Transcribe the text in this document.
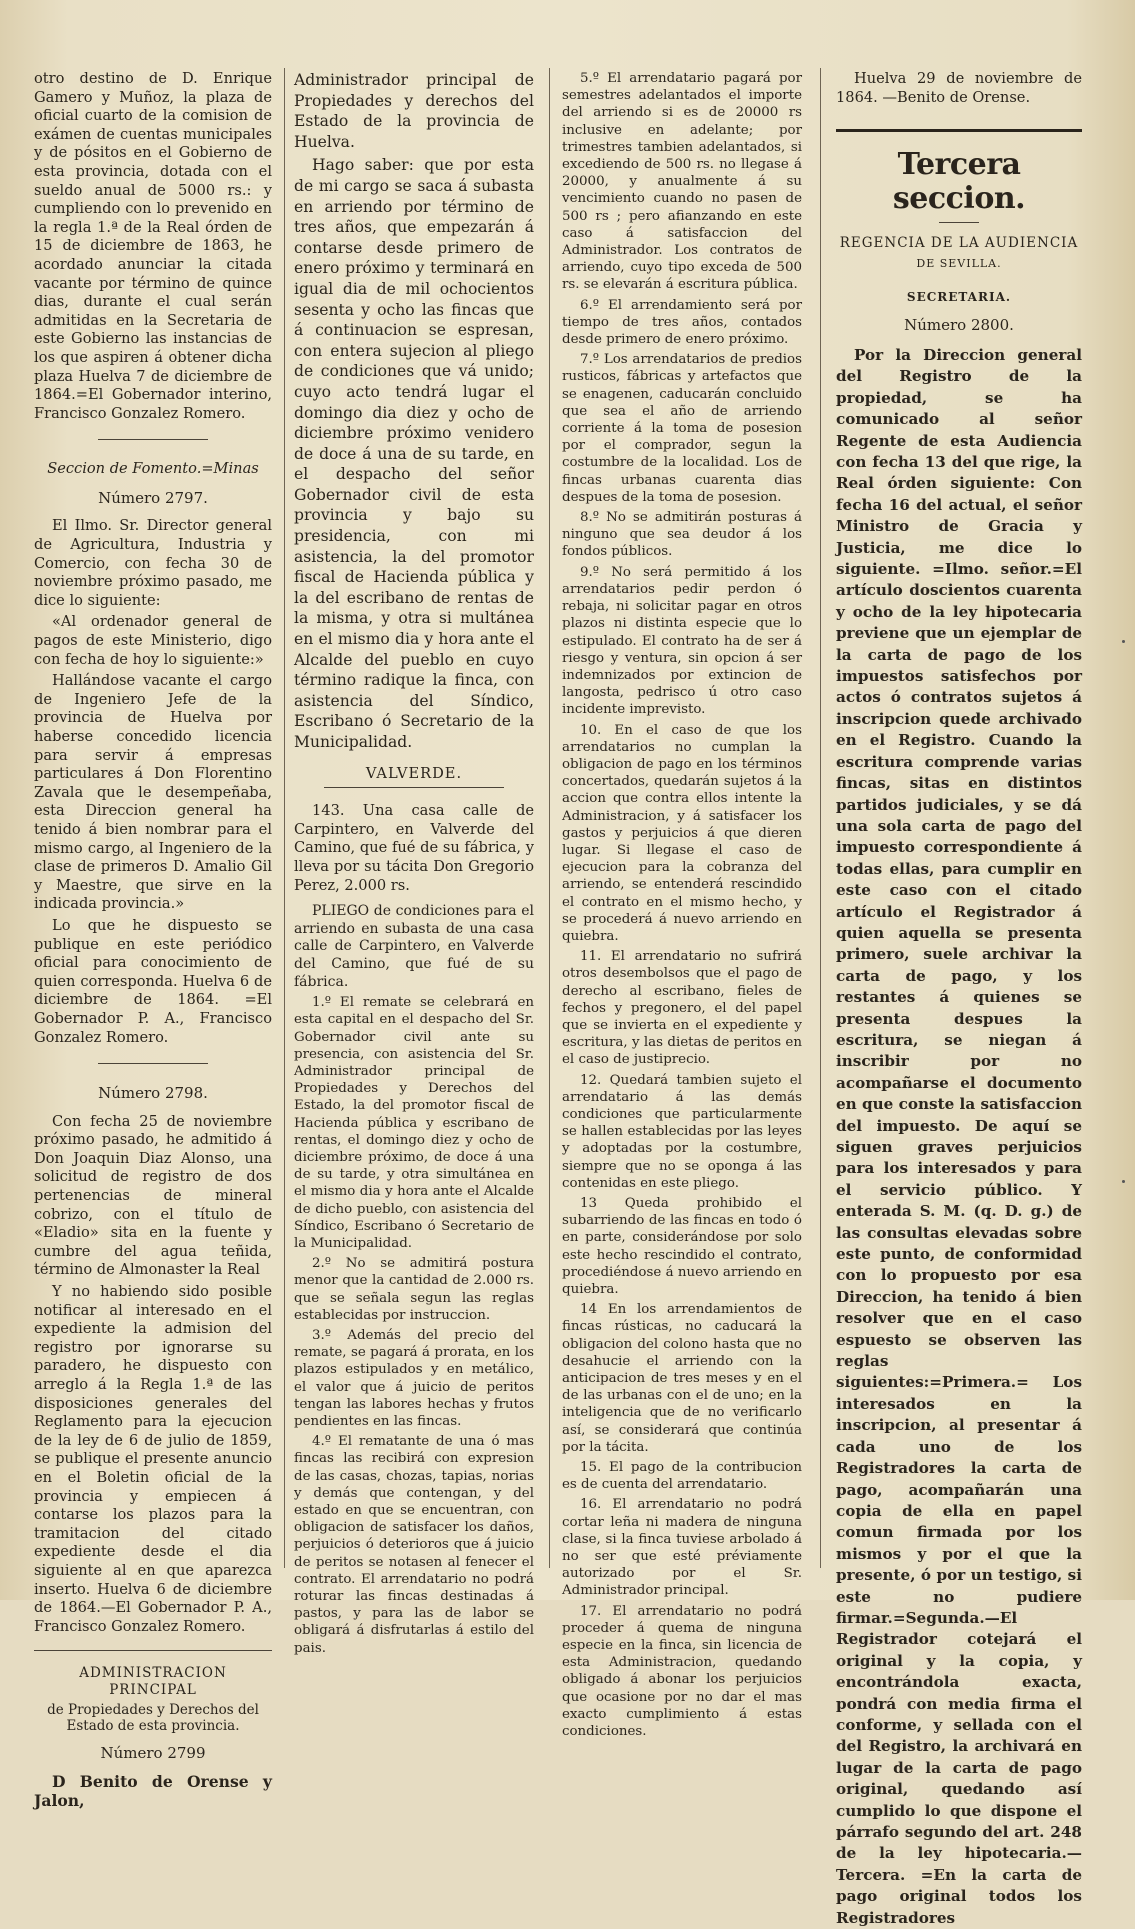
otro destino de D. Enrique Gamero y Muñoz, la plaza de oficial cuarto de la comision de exámen de cuentas municipales y de pósitos en el Gobierno de esta provincia, dotada con el sueldo anual de 5000 rs.: y cumpliendo con lo prevenido en la regla 1.ª de la Real órden de 15 de diciembre de 1863, he acordado anunciar la citada vacante por término de quince dias, durante el cual serán admitidas en la Secretaria de este Gobierno las instancias de los que aspiren á obtener dicha plaza Huelva 7 de diciembre de 1864.=El Gobernador interino, Francisco Gonzalez Romero.

Seccion de Fomento.=Minas

Número 2797.

El Ilmo. Sr. Director general de Agricultura, Industria y Comercio, con fecha 30 de noviembre próximo pasado, me dice lo siguiente:

«Al ordenador general de pagos de este Ministerio, digo con fecha de hoy lo siguiente:»

Hallándose vacante el cargo de Ingeniero Jefe de la provincia de Huelva por haberse concedido licencia para servir á empresas particulares á Don Florentino Zavala que le desempeñaba, esta Direccion general ha tenido á bien nombrar para el mismo cargo, al Ingeniero de la clase de primeros D. Amalio Gil y Maestre, que sirve en la indicada provincia.»

Lo que he dispuesto se publique en este periódico oficial para conocimiento de quien corresponda. Huelva 6 de diciembre de 1864. =El Gobernador P. A., Francisco Gonzalez Romero.

Número 2798.

Con fecha 25 de noviembre próximo pasado, he admitido á Don Joaquin Diaz Alonso, una solicitud de registro de dos pertenencias de mineral cobrizo, con el título de «Eladio» sita en la fuente y cumbre del agua teñida, término de Almonaster la Real

Y no habiendo sido posible notificar al interesado en el expediente la admision del registro por ignorarse su paradero, he dispuesto con arreglo á la Regla 1.ª de las disposiciones generales del Reglamento para la ejecucion de la ley de 6 de julio de 1859, se publique el presente anuncio en el Boletin oficial de la provincia y empiecen á contarse los plazos para la tramitacion del citado expediente desde el dia siguiente al en que aparezca inserto. Huelva 6 de diciembre de 1864.—El Gobernador P. A., Francisco Gonzalez Romero.

ADMINISTRACION PRINCIPAL

de Propiedades y Derechos del Estado de esta provincia.

Número 2799

D Benito de Orense y Jalon,

Administrador principal de Propiedades y derechos del Estado de la provincia de Huelva.

Hago saber: que por esta de mi cargo se saca á subasta en arriendo por término de tres años, que empezarán á contarse desde primero de enero próximo y terminará en igual dia de mil ochocientos sesenta y ocho las fincas que á continuacion se espresan, con entera sujecion al pliego de condiciones que vá unido; cuyo acto tendrá lugar el domingo dia diez y ocho de diciembre próximo venidero de doce á una de su tarde, en el despacho del señor Gobernador civil de esta provincia y bajo su presidencia, con mi asistencia, la del promotor fiscal de Hacienda pública y la del escribano de rentas de la misma, y otra si multánea en el mismo dia y hora ante el Alcalde del pueblo en cuyo término radique la finca, con asistencia del Síndico, Escribano ó Secretario de la Municipalidad.

VALVERDE.

143. Una casa calle de Carpintero, en Valverde del Camino, que fué de su fábrica, y lleva por su tácita Don Gregorio Perez, 2.000 rs.

PLIEGO de condiciones para el arriendo en subasta de una casa calle de Carpintero, en Valverde del Camino, que fué de su fábrica.

1.º El remate se celebrará en esta capital en el despacho del Sr. Gobernador civil ante su presencia, con asistencia del Sr. Administrador principal de Propiedades y Derechos del Estado, la del promotor fiscal de Hacienda pública y escribano de rentas, el domingo diez y ocho de diciembre próximo, de doce á una de su tarde, y otra simultánea en el mismo dia y hora ante el Alcalde de dicho pueblo, con asistencia del Síndico, Escribano ó Secretario de la Municipalidad.

2.º No se admitirá postura menor que la cantidad de 2.000 rs. que se señala segun las reglas establecidas por instruccion.

3.º Además del precio del remate, se pagará á prorata, en los plazos estipulados y en metálico, el valor que á juicio de peritos tengan las labores hechas y frutos pendientes en las fincas.

4.º El rematante de una ó mas fincas las recibirá con expresion de las casas, chozas, tapias, norias y demás que contengan, y del estado en que se encuentran, con obligacion de satisfacer los daños, perjuicios ó deterioros que á juicio de peritos se notasen al fenecer el contrato. El arrendatario no podrá roturar las fincas destinadas á pastos, y para las de labor se obligará á disfrutarlas á estilo del pais.

5.º El arrendatario pagará por semestres adelantados el importe del arriendo si es de 20000 rs inclusive en adelante; por trimestres tambien adelantados, si excediendo de 500 rs. no llegase á 20000, y anualmente á su vencimiento cuando no pasen de 500 rs ; pero afianzando en este caso á satisfaccion del Administrador. Los contratos de arriendo, cuyo tipo exceda de 500 rs. se elevarán á escritura pública.

6.º El arrendamiento será por tiempo de tres años, contados desde primero de enero próximo.

7.º Los arrendatarios de predios rusticos, fábricas y artefactos que se enagenen, caducarán concluido que sea el año de arriendo corriente á la toma de posesion por el comprador, segun la costumbre de la localidad. Los de fincas urbanas cuarenta dias despues de la toma de posesion.

8.º No se admitirán posturas á ninguno que sea deudor á los fondos públicos.

9.º No será permitido á los arrendatarios pedir perdon ó rebaja, ni solicitar pagar en otros plazos ni distinta especie que lo estipulado. El contrato ha de ser á riesgo y ventura, sin opcion á ser indemnizados por extincion de langosta, pedrisco ú otro caso incidente imprevisto.

10. En el caso de que los arrendatarios no cumplan la obligacion de pago en los términos concertados, quedarán sujetos á la accion que contra ellos intente la Administracion, y á satisfacer los gastos y perjuicios á que dieren lugar. Si llegase el caso de ejecucion para la cobranza del arriendo, se entenderá rescindido el contrato en el mismo hecho, y se procederá á nuevo arriendo en quiebra.

11. El arrendatario no sufrirá otros desembolsos que el pago de derecho al escribano, fieles de fechos y pregonero, el del papel que se invierta en el expediente y escritura, y las dietas de peritos en el caso de justiprecio.

12. Quedará tambien sujeto el arrendatario á las demás condiciones que particularmente se hallen establecidas por las leyes y adoptadas por la costumbre, siempre que no se oponga á las contenidas en este pliego.

13 Queda prohibido el subarriendo de las fincas en todo ó en parte, considerándose por solo este hecho rescindido el contrato, procediéndose á nuevo arriendo en quiebra.

14 En los arrendamientos de fincas rústicas, no caducará la obligacion del colono hasta que no desahucie el arriendo con la anticipacion de tres meses y en el de las urbanas con el de uno; en la inteligencia que de no verificarlo así, se considerará que continúa por la tácita.

15. El pago de la contribucion es de cuenta del arrendatario.

16. El arrendatario no podrá cortar leña ni madera de ninguna clase, si la finca tuviese arbolado á no ser que esté préviamente autorizado por el Sr. Administrador principal.

17. El arrendatario no podrá proceder á quema de ninguna especie en la finca, sin licencia de esta Administracion, quedando obligado á abonar los perjuicios que ocasione por no dar el mas exacto cumplimiento á estas condiciones.

Huelva 29 de noviembre de 1864. —Benito de Orense.

Tercera seccion.

REGENCIA DE LA AUDIENCIA

DE SEVILLA.

SECRETARIA.

Número 2800.

Por la Direccion general del Registro de la propiedad, se ha comunicado al señor Regente de esta Audiencia con fecha 13 del que rige, la Real órden siguiente: Con fecha 16 del actual, el señor Ministro de Gracia y Justicia, me dice lo siguiente. =Ilmo. señor.=El artículo doscientos cuarenta y ocho de la ley hipotecaria previene que un ejemplar de la carta de pago de los impuestos satisfechos por actos ó contratos sujetos á inscripcion quede archivado en el Registro. Cuando la escritura comprende varias fincas, sitas en distintos partidos judiciales, y se dá una sola carta de pago del impuesto correspondiente á todas ellas, para cumplir en este caso con el citado artículo el Registrador á quien aquella se presenta primero, suele archivar la carta de pago, y los restantes á quienes se presenta despues la escritura, se niegan á inscribir por no acompañarse el documento en que conste la satisfaccion del impuesto. De aquí se siguen graves perjuicios para los interesados y para el servicio público. Y enterada S. M. (q. D. g.) de las consultas elevadas sobre este punto, de conformidad con lo propuesto por esa Direccion, ha tenido á bien resolver que en el caso espuesto se observen las reglas siguientes:=Primera.= Los interesados en la inscripcion, al presentar á cada uno de los Registradores la carta de pago, acompañarán una copia de ella en papel comun firmada por los mismos y por el que la presente, ó por un testigo, si este no pudiere firmar.=Segunda.—El Registrador cotejará el original y la copia, y encontrándola exacta, pondrá con media firma el conforme, y sellada con el del Registro, la archivará en lugar de la carta de pago original, quedando así cumplido lo que dispone el párrafo segundo del art. 248 de la ley hipotecaria.—Tercera. =En la carta de pago original todos los Registradores
